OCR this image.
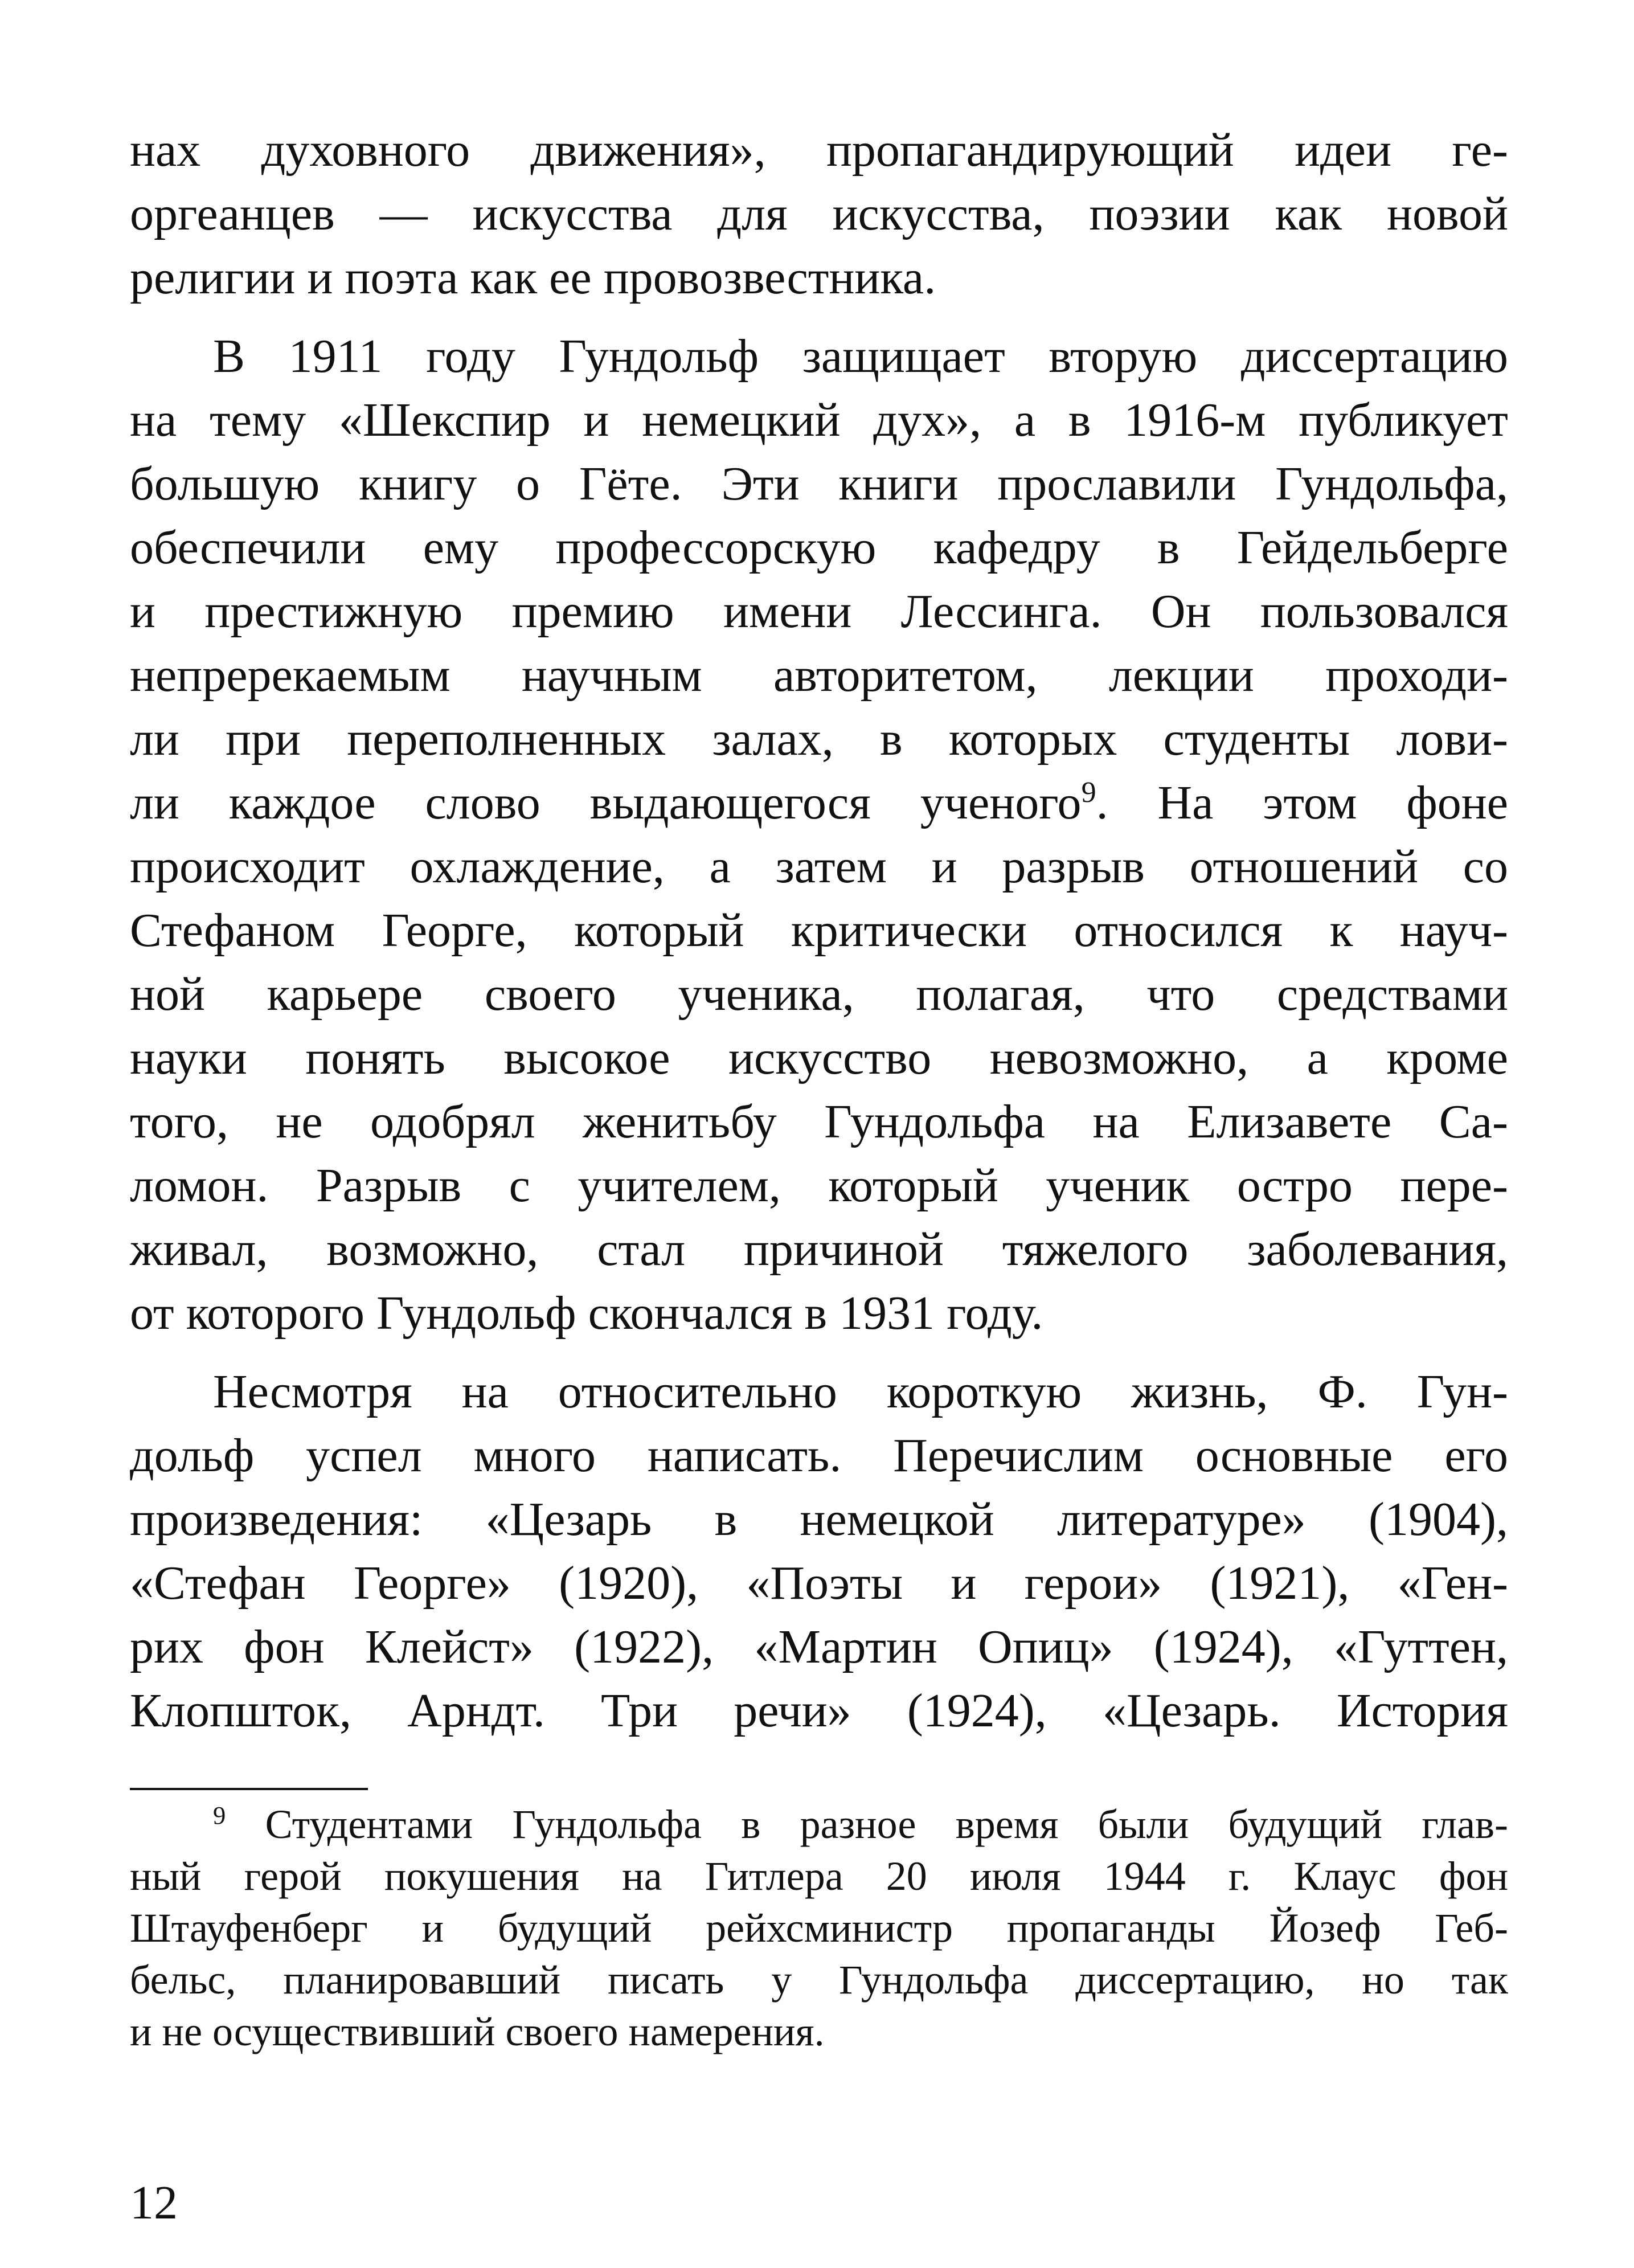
нах духовного движения», пропагандирующий идеи ге-
оргеанцев — искусства для искусства, поэзии как новой
религии и поэта как ее провозвестника.
В 1911 году Гундольф защищает вторую диссертацию
на тему «Шекспир и немецкий дух», а в 1916-м публикует
большую книгу о Гёте. Эти книги прославили Гундольфа,
обеспечили ему профессорскую кафедру в Гейдельберге
и престижную премию имени Лессинга. Он пользовался
непререкаемым научным авторитетом, лекции проходи-
ли при переполненных залах, в которых студенты лови-
ли каждое слово выдающегося ученого$^9$. На этом фоне
происходит охлаждение, а затем и разрыв отношений со
Стефаном Георге, который критически относился к науч-
ной карьере своего ученика, полагая, что средствами
науки понять высокое искусство невозможно, а кроме
того, не одобрял женитьбу Гундольфа на Елизавете Са-
ломон. Разрыв с учителем, который ученик остро пере-
живал, возможно, стал причиной тяжелого заболевания,
от которого Гундольф скончался в 1931 году.
Несмотря на относительно короткую жизнь, Ф. Гун-
дольф успел много написать. Перечислим основные его
произведения: «Цезарь в немецкой литературе» (1904),
«Стефан Георге» (1920), «Поэты и герои» (1921), «Ген-
рих фон Клейст» (1922), «Мартин Опиц» (1924), «Гуттен,
Клопшток, Арндт. Три речи» (1924), «Цезарь. История
$^9$ Студентами Гундольфа в разное время были будущий глав-
ный герой покушения на Гитлера 20 июля 1944 г. Клаус фон
Штауфенберг и будущий рейхсминистр пропаганды Йозеф Геб-
бельс, планировавший писать у Гундольфа диссертацию, но так
и не осуществивший своего намерения.
12
